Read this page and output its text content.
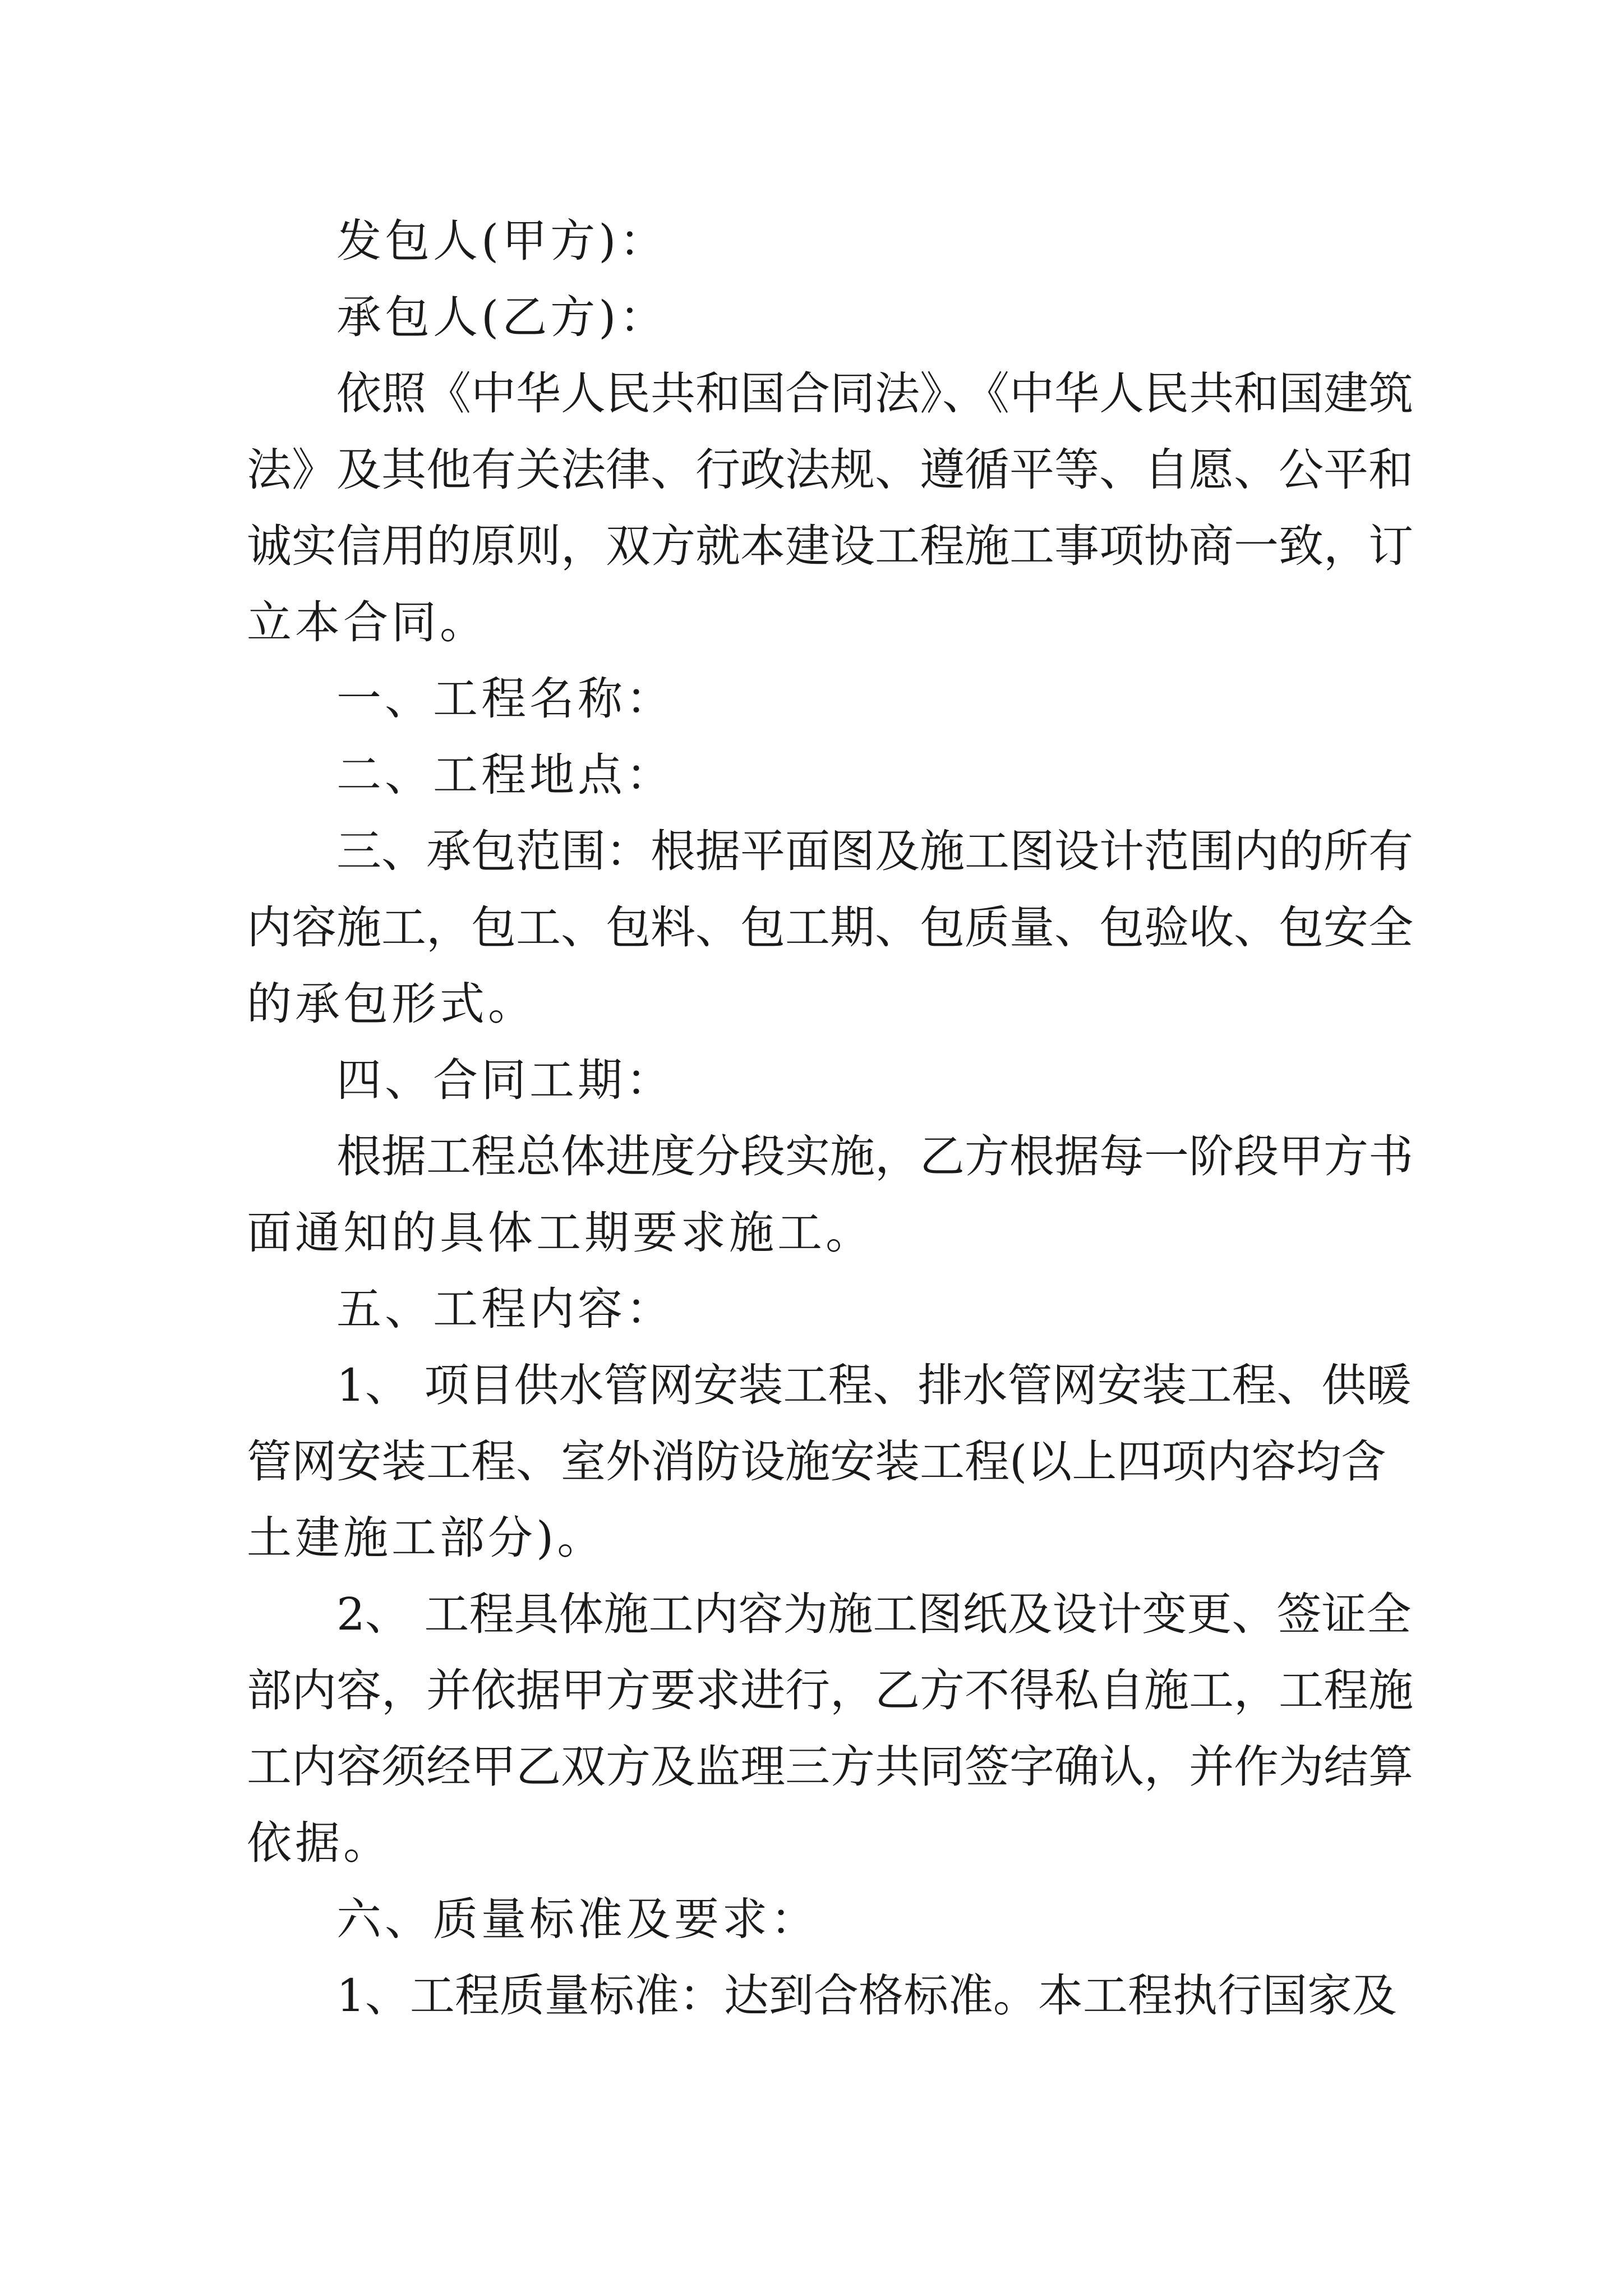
发包人(甲方)：

承包人(乙方)：

依照《中华人民共和国合同法》、《中华人民共和国建筑

法》及其他有关法律、行政法规、遵循平等、自愿、公平和

诚实信用的原则，双方就本建设工程施工事项协商一致，订

立本合同。

一、工程名称：

二、工程地点：

三、承包范围：根据平面图及施工图设计范围内的所有

内容施工，包工、包料、包工期、包质量、包验收、包安全

的承包形式。

四、合同工期：

根据工程总体进度分段实施，乙方根据每一阶段甲方书

面通知的具体工期要求施工。

五、工程内容：

1、 项目供水管网安装工程、排水管网安装工程、供暖

管网安装工程、室外消防设施安装工程(以上四项内容均含

土建施工部分)。

2、 工程具体施工内容为施工图纸及设计变更、签证全

部内容，并依据甲方要求进行，乙方不得私自施工，工程施

工内容须经甲乙双方及监理三方共同签字确认，并作为结算

依据。

六、质量标准及要求：

1、工程质量标准：达到合格标准。本工程执行国家及
